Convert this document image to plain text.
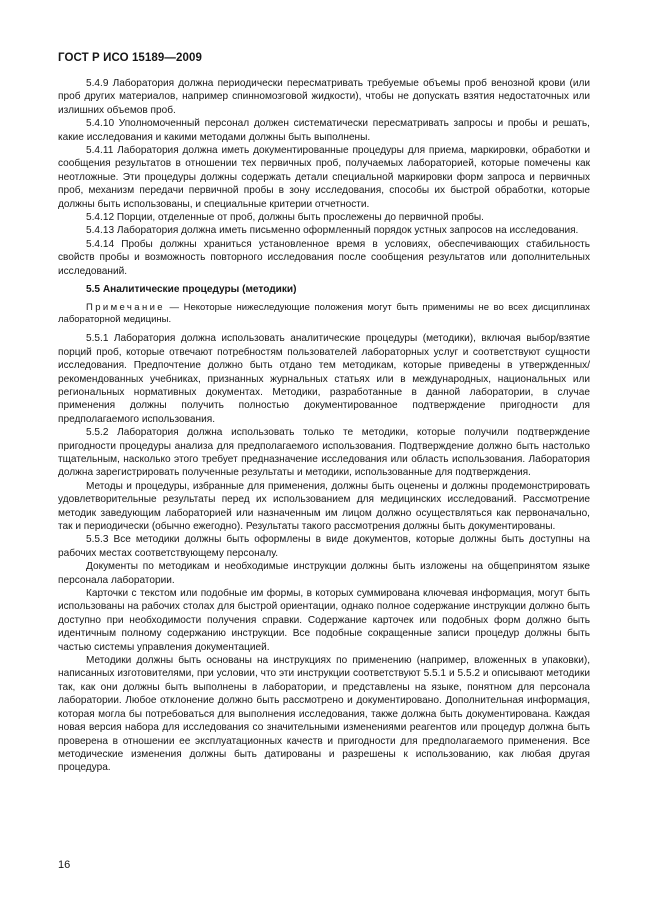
ГОСТ Р ИСО 15189—2009

5.4.9 Лаборатория должна периодически пересматривать требуемые объемы проб венозной крови (или проб других материалов, например спинномозговой жидкости), чтобы не допускать взятия недостаточных или излишних объемов проб.

5.4.10 Уполномоченный персонал должен систематически пересматривать запросы и пробы и решать, какие исследования и какими методами должны быть выполнены.

5.4.11 Лаборатория должна иметь документированные процедуры для приема, маркировки, обработки и сообщения результатов в отношении тех первичных проб, получаемых лабораторией, которые помечены как неотложные. Эти процедуры должны содержать детали специальной маркировки форм запроса и первичных проб, механизм передачи первичной пробы в зону исследования, способы их быстрой обработки, которые должны быть использованы, и специальные критерии отчетности.

5.4.12 Порции, отделенные от проб, должны быть прослежены до первичной пробы.

5.4.13 Лаборатория должна иметь письменно оформленный порядок устных запросов на исследования.

5.4.14 Пробы должны храниться установленное время в условиях, обеспечивающих стабильность свойств пробы и возможность повторного исследования после сообщения результатов или дополнительных исследований.

5.5 Аналитические процедуры (методики)

Примечание — Некоторые нижеследующие положения могут быть применимы не во всех дисциплинах лабораторной медицины.

5.5.1 Лаборатория должна использовать аналитические процедуры (методики), включая выбор/взятие порций проб, которые отвечают потребностям пользователей лабораторных услуг и соответствуют сущности исследования. Предпочтение должно быть отдано тем методикам, которые приведены в утвержденных/рекомендованных учебниках, признанных журнальных статьях или в международных, национальных или региональных нормативных документах. Методики, разработанные в данной лаборатории, в случае применения должны получить полностью документированное подтверждение пригодности для предполагаемого использования.

5.5.2 Лаборатория должна использовать только те методики, которые получили подтверждение пригодности процедуры анализа для предполагаемого использования. Подтверждение должно быть настолько тщательным, насколько этого требует предназначение исследования или область использования. Лаборатория должна зарегистрировать полученные результаты и методики, использованные для подтверждения.

Методы и процедуры, избранные для применения, должны быть оценены и должны продемонстрировать удовлетворительные результаты перед их использованием для медицинских исследований. Рассмотрение методик заведующим лабораторией или назначенным им лицом должно осуществляться как первоначально, так и периодически (обычно ежегодно). Результаты такого рассмотрения должны быть документированы.

5.5.3 Все методики должны быть оформлены в виде документов, которые должны быть доступны на рабочих местах соответствующему персоналу.

Документы по методикам и необходимые инструкции должны быть изложены на общепринятом языке персонала лаборатории.

Карточки с текстом или подобные им формы, в которых суммирована ключевая информация, могут быть использованы на рабочих столах для быстрой ориентации, однако полное содержание инструкции должно быть доступно при необходимости получения справки. Содержание карточек или подобных форм должно быть идентичным полному содержанию инструкции. Все подобные сокращенные записи процедур должны быть частью системы управления документацией.

Методики должны быть основаны на инструкциях по применению (например, вложенных в упаковки), написанных изготовителями, при условии, что эти инструкции соответствуют 5.5.1 и 5.5.2 и описывают методики так, как они должны быть выполнены в лаборатории, и представлены на языке, понятном для персонала лаборатории. Любое отклонение должно быть рассмотрено и документировано. Дополнительная информация, которая могла бы потребоваться для выполнения исследования, также должна быть документирована. Каждая новая версия набора для исследования со значительными изменениями реагентов или процедур должна быть проверена в отношении ее эксплуатационных качеств и пригодности для предполагаемого применения. Все методические изменения должны быть датированы и разрешены к использованию, как любая другая процедура.

16
